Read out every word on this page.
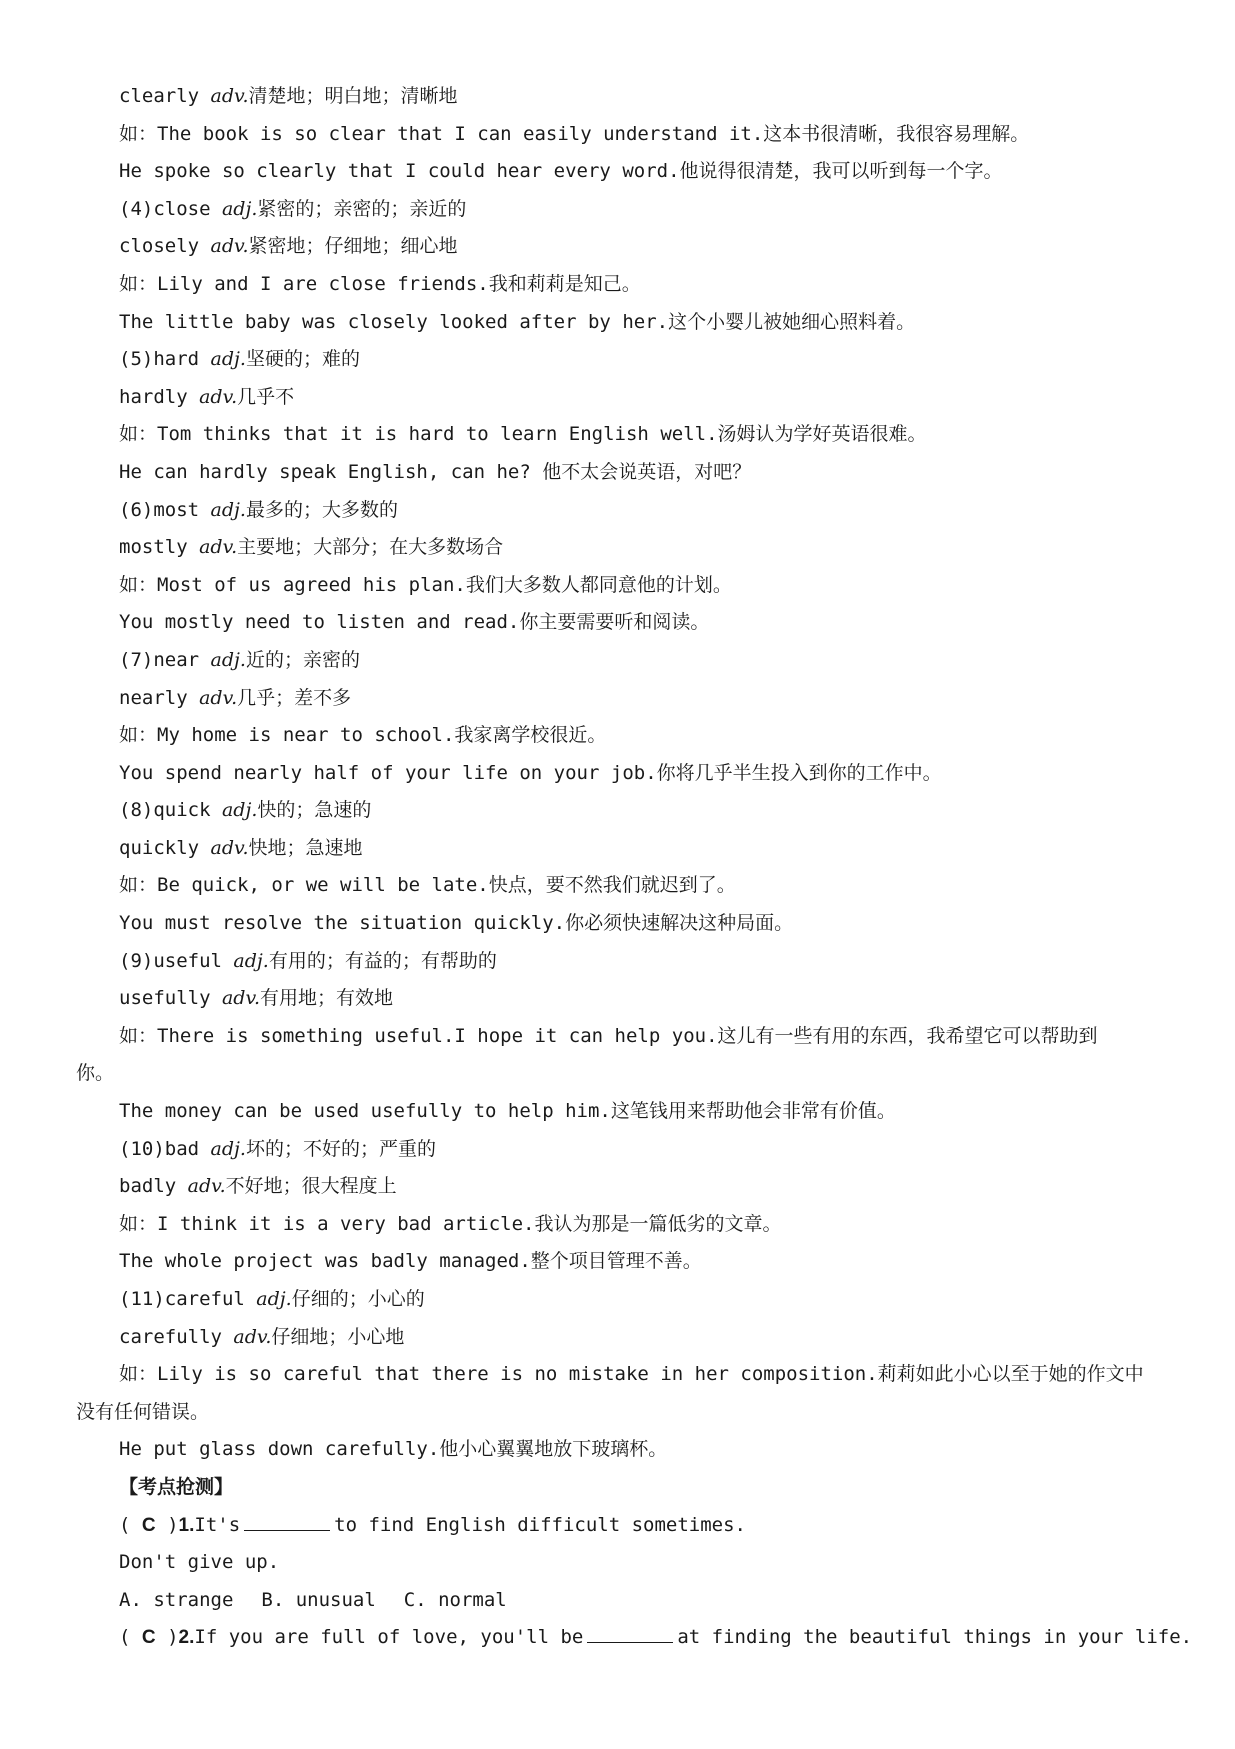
clearly adv.清楚地；明白地；清晰地
如：The book is so clear that I can easily understand it.这本书很清晰，我很容易理解。
He spoke so clearly that I could hear every word.他说得很清楚，我可以听到每一个字。
(4)close adj.紧密的；亲密的；亲近的
closely adv.紧密地；仔细地；细心地
如：Lily and I are close friends.我和莉莉是知己。
The little baby was closely looked after by her.这个小婴儿被她细心照料着。
(5)hard adj.坚硬的；难的
hardly adv.几乎不
如：Tom thinks that it is hard to learn English well.汤姆认为学好英语很难。
He can hardly speak English, can he? 他不太会说英语，对吧？
(6)most adj.最多的；大多数的
mostly adv.主要地；大部分；在大多数场合
如：Most of us agreed his plan.我们大多数人都同意他的计划。
You mostly need to listen and read.你主要需要听和阅读。
(7)near adj.近的；亲密的
nearly adv.几乎；差不多
如：My home is near to school.我家离学校很近。
You spend nearly half of your life on your job.你将几乎半生投入到你的工作中。
(8)quick adj.快的；急速的
quickly adv.快地；急速地
如：Be quick, or we will be late.快点，要不然我们就迟到了。
You must resolve the situation quickly.你必须快速解决这种局面。
(9)useful adj.有用的；有益的；有帮助的
usefully adv.有用地；有效地
如：There is something useful.I hope it can help you.这儿有一些有用的东西，我希望它可以帮助到
你。
The money can be used usefully to help him.这笔钱用来帮助他会非常有价值。
(10)bad adj.坏的；不好的；严重的
badly adv.不好地；很大程度上
如：I think it is a very bad article.我认为那是一篇低劣的文章。
The whole project was badly managed.整个项目管理不善。
(11)careful adj.仔细的；小心的
carefully adv.仔细地；小心地
如：Lily is so careful that there is no mistake in her composition.莉莉如此小心以至于她的作文中
没有任何错误。
He put glass down carefully.他小心翼翼地放下玻璃杯。
【考点抢测】
( C )1.It's	to find English difficult sometimes.
Don't give up.
A. strange B. unusual C. normal
( C )2.If you are full of love, you'll be	at finding the beautiful things in your life.
